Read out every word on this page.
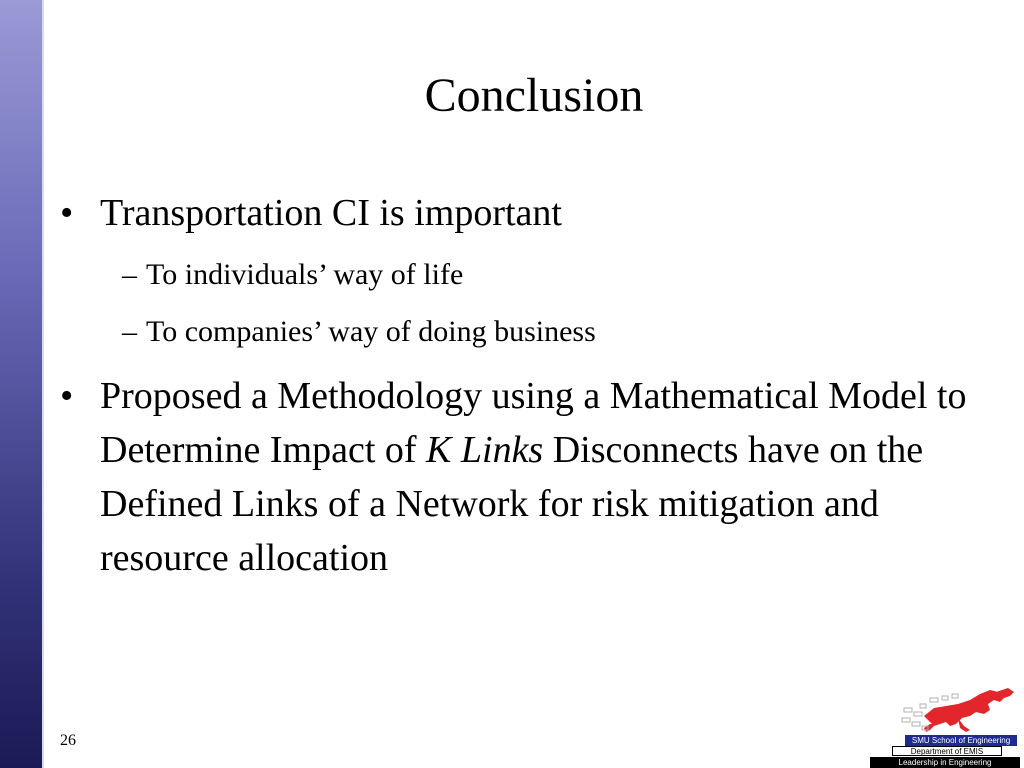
Conclusion
• Transportation CI is important
– To individuals’ way of life
– To companies’ way of doing business
• Proposed a Methodology using a Mathematical Model to Determine Impact of K Links Disconnects have on the Defined Links of a Network for risk mitigation and resource allocation
26	SMU School of Engineering
Department of EMIS
Leadership in Engineering
